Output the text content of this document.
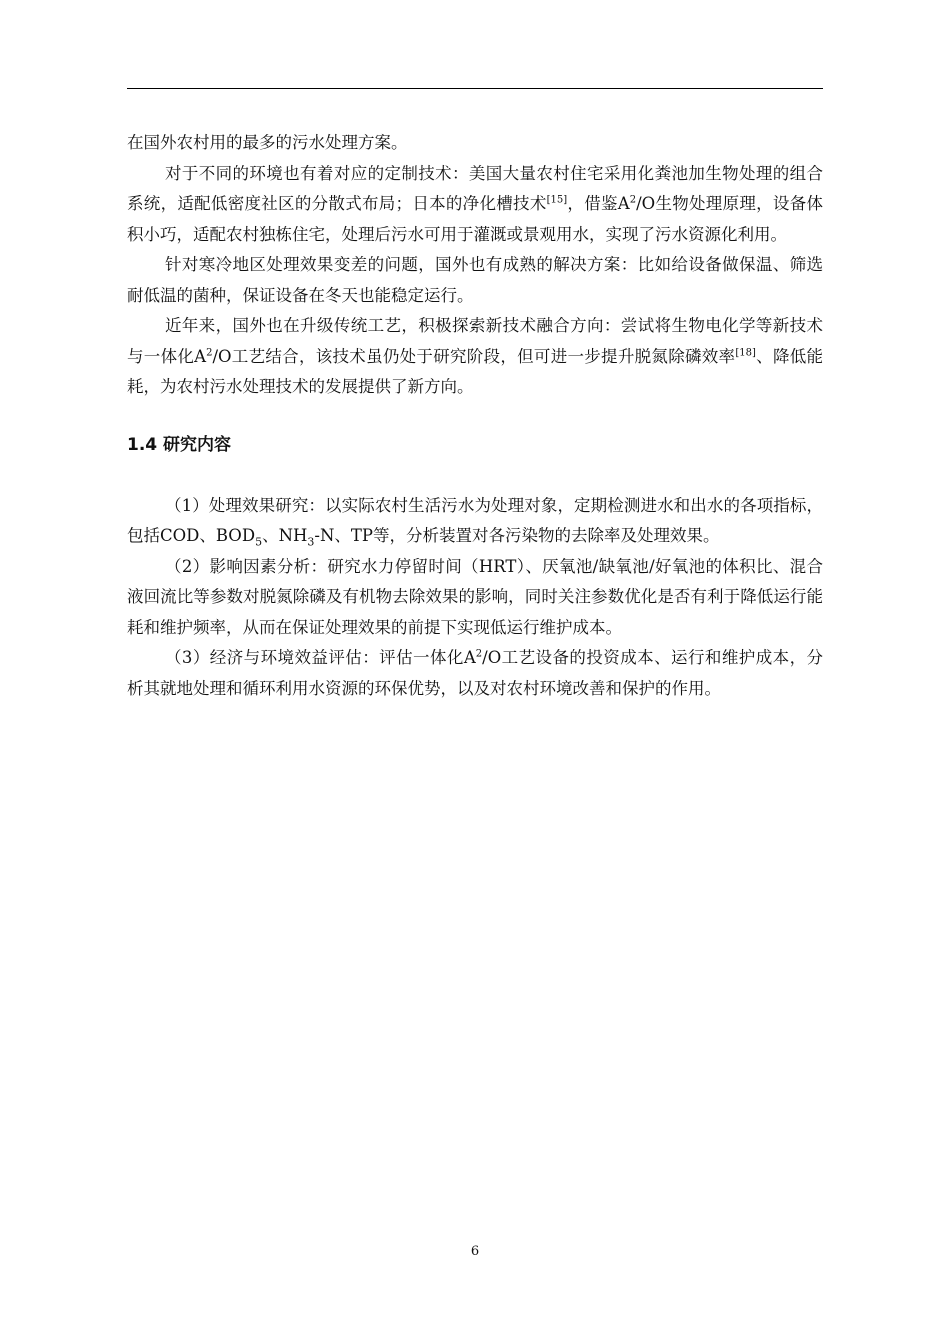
在国外农村用的最多的污水处理方案。

对于不同的环境也有着对应的定制技术：美国大量农村住宅采用化粪池加生物处理的组合系统，适配低密度社区的分散式布局；日本的净化槽技术[15]，借鉴$A^2/O$生物处理原理，设备体积小巧，适配农村独栋住宅，处理后污水可用于灌溉或景观用水，实现了污水资源化利用。

针对寒冷地区处理效果变差的问题，国外也有成熟的解决方案：比如给设备做保温、筛选耐低温的菌种，保证设备在冬天也能稳定运行。

近年来，国外也在升级传统工艺，积极探索新技术融合方向：尝试将生物电化学等新技术与一体化$A^2/O$工艺结合，该技术虽仍处于研究阶段，但可进一步提升脱氮除磷效率[18]、降低能耗，为农村污水处理技术的发展提供了新方向。

1.4 研究内容

（1）处理效果研究：以实际农村生活污水为处理对象，定期检测进水和出水的各项指标，包括COD、$BOD_5$、$NH_3-N$、TP等，分析装置对各污染物的去除率及处理效果。

（2）影响因素分析：研究水力停留时间（HRT）、厌氧池/缺氧池/好氧池的体积比、混合液回流比等参数对脱氮除磷及有机物去除效果的影响，同时关注参数优化是否有利于降低运行能耗和维护频率，从而在保证处理效果的前提下实现低运行维护成本。

（3）经济与环境效益评估：评估一体化$A^2/O$工艺设备的投资成本、运行和维护成本，分析其就地处理和循环利用水资源的环保优势，以及对农村环境改善和保护的作用。

6
